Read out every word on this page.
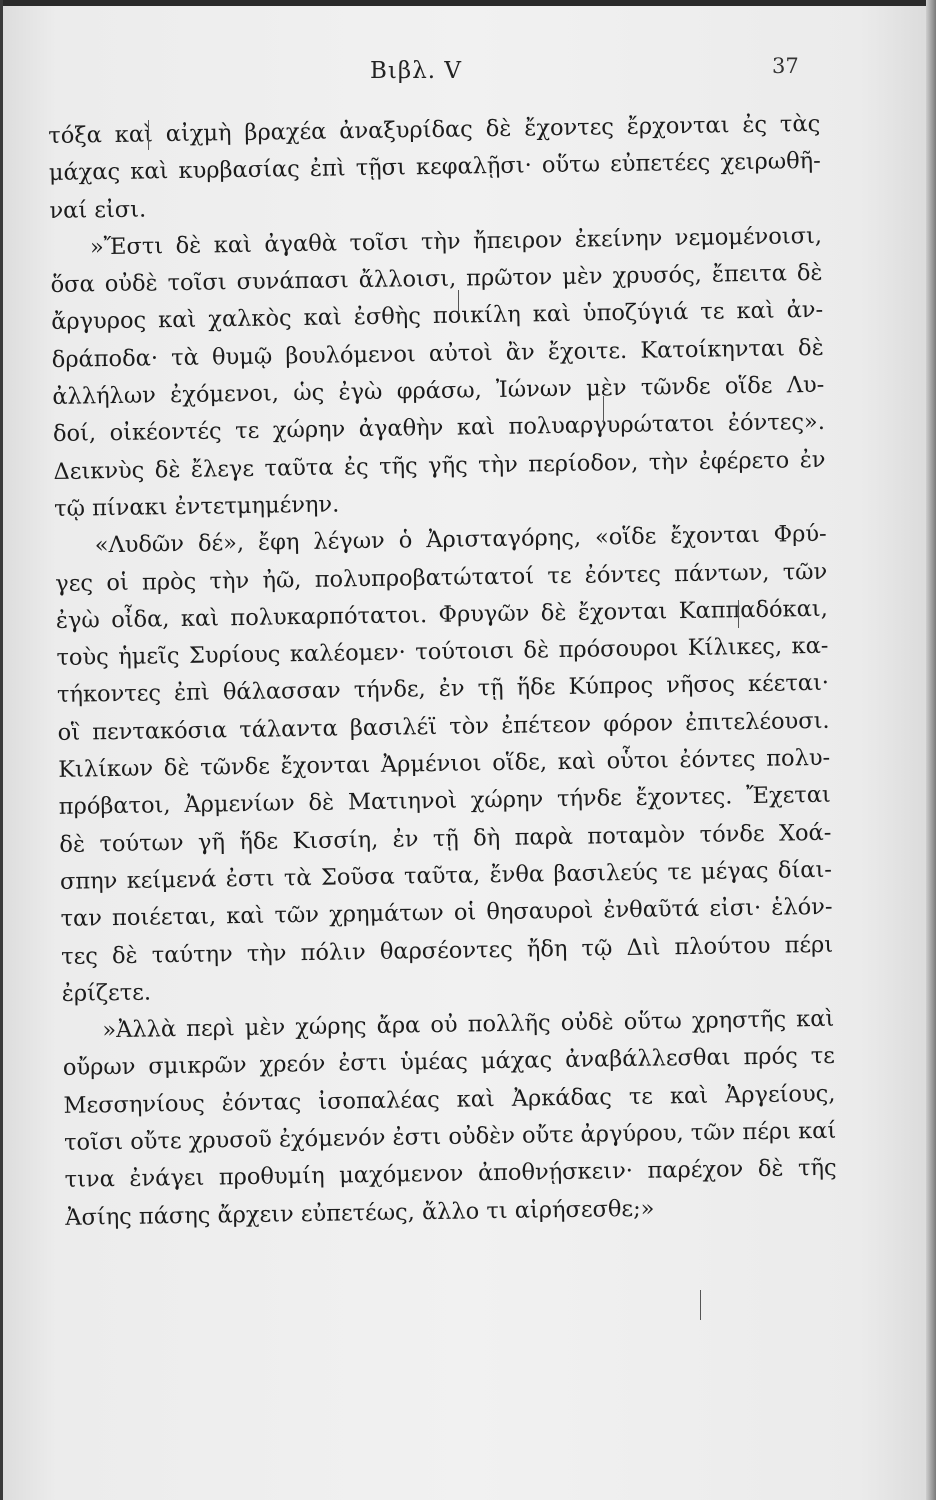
Βιβλ. V	37
τόξα καὶ αἰχμὴ βραχέα ἀναξυρίδας δὲ ἔχοντες ἔρχονται ἐς τὰς
μάχας καὶ κυρβασίας ἐπὶ τῇσι κεφαλῇσι· οὕτω εὐπετέες χειρωθῆ-
ναί εἰσι.
»Ἔστι δὲ καὶ ἀγαθὰ τοῖσι τὴν ἤπειρον ἐκείνην νεμομένοισι,
ὅσα οὐδὲ τοῖσι συνάπασι ἄλλοισι, πρῶτον μὲν χρυσός, ἔπειτα δὲ
ἄργυρος καὶ χαλκὸς καὶ ἐσθὴς ποικίλη καὶ ὑποζύγιά τε καὶ ἀν-
δράποδα· τὰ θυμῷ βουλόμενοι αὐτοὶ ἂν ἔχοιτε. Κατοίκηνται δὲ
ἀλλήλων ἐχόμενοι, ὡς ἐγὼ φράσω, Ἰώνων μὲν τῶνδε οἵδε Λυ-
δοί, οἰκέοντές τε χώρην ἀγαθὴν καὶ πολυαργυρώτατοι ἐόντες».
Δεικνὺς δὲ ἔλεγε ταῦτα ἐς τῆς γῆς τὴν περίοδον, τὴν ἐφέρετο ἐν
τῷ πίνακι ἐντετμημένην.
«Λυδῶν δέ», ἔφη λέγων ὁ Ἀρισταγόρης, «οἵδε ἔχονται Φρύ-
γες οἱ πρὸς τὴν ἠῶ, πολυπροβατώτατοί τε ἐόντες πάντων, τῶν
ἐγὼ οἶδα, καὶ πολυκαρπότατοι. Φρυγῶν δὲ ἔχονται Καππαδόκαι,
τοὺς ἡμεῖς Συρίους καλέομεν· τούτοισι δὲ πρόσουροι Κίλικες, κα-
τήκοντες ἐπὶ θάλασσαν τήνδε, ἐν τῇ ἥδε Κύπρος νῆσος κέεται·
οἳ πεντακόσια τάλαντα βασιλέϊ τὸν ἐπέτεον φόρον ἐπιτελέουσι.
Κιλίκων δὲ τῶνδε ἔχονται Ἀρμένιοι οἵδε, καὶ οὗτοι ἐόντες πολυ-
πρόβατοι, Ἀρμενίων δὲ Ματιηνοὶ χώρην τήνδε ἔχοντες. Ἔχεται
δὲ τούτων γῆ ἥδε Κισσίη, ἐν τῇ δὴ παρὰ ποταμὸν τόνδε Χοά-
σπην κείμενά ἐστι τὰ Σοῦσα ταῦτα, ἔνθα βασιλεύς τε μέγας δίαι-
ταν ποιέεται, καὶ τῶν χρημάτων οἱ θησαυροὶ ἐνθαῦτά εἰσι· ἑλόν-
τες δὲ ταύτην τὴν πόλιν θαρσέοντες ἤδη τῷ Διὶ πλούτου πέρι
ἐρίζετε.
»Ἀλλὰ περὶ μὲν χώρης ἄρα οὐ πολλῆς οὐδὲ οὕτω χρηστῆς καὶ
οὔρων σμικρῶν χρεόν ἐστι ὑμέας μάχας ἀναβάλλεσθαι πρός τε
Μεσσηνίους ἐόντας ἰσοπαλέας καὶ Ἀρκάδας τε καὶ Ἀργείους,
τοῖσι οὔτε χρυσοῦ ἐχόμενόν ἐστι οὐδὲν οὔτε ἀργύρου, τῶν πέρι καί
τινα ἐνάγει προθυμίη μαχόμενον ἀποθνῄσκειν· παρέχον δὲ τῆς
Ἀσίης πάσης ἄρχειν εὐπετέως, ἄλλο τι αἱρήσεσθε;»
